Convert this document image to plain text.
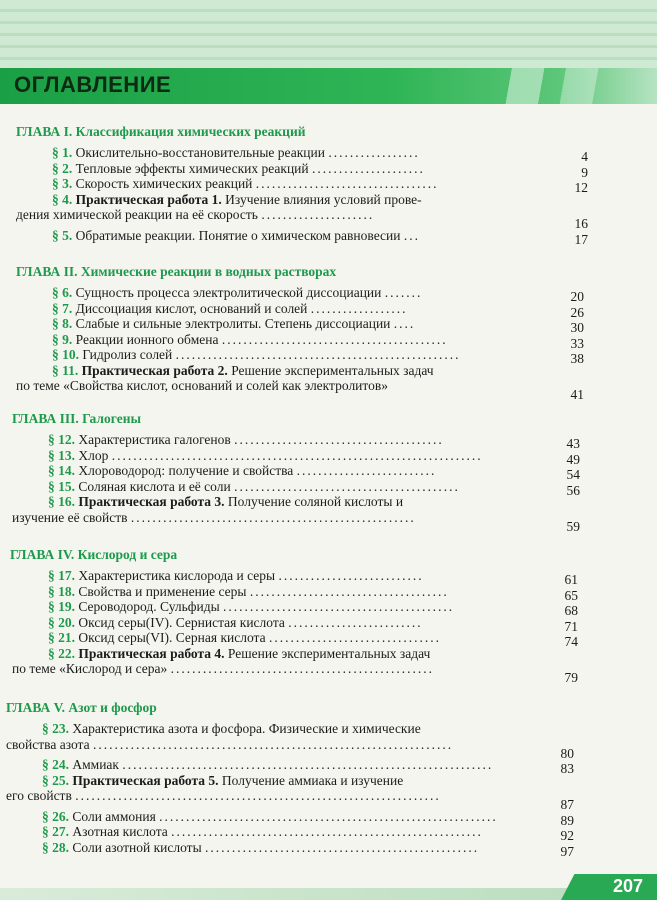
ОГЛАВЛЕНИЕ
ГЛАВА I. Классификация химических реакций
§ 1. Окислительно-восстановительные реакции .................	4
§ 2. Тепловые эффекты химических реакций .....................	9
§ 3. Скорость химических реакций ..................................	12
§ 4. Практическая работа 1. Изучение влияния условий прове-
дения химической реакции на её скорость .....................
16
§ 5. Обратимые реакции. Понятие о химическом равновесии ...	17
ГЛАВА II. Химические реакции в водных растворах
§ 6. Сущность процесса электролитической диссоциации .......	20
§ 7. Диссоциация кислот, оснований и солей ..................	26
§ 8. Слабые и сильные электролиты. Степень диссоциации ....	30
§ 9. Реакции ионного обмена ..........................................	33
§ 10. Гидролиз солей .....................................................	38
§ 11. Практическая работа 2. Решение экспериментальных задач
по теме «Свойства кислот, оснований и солей как электролитов»
41
ГЛАВА III. Галогены
§ 12. Характеристика галогенов .......................................	43
§ 13. Хлор .....................................................................	49
§ 14. Хлороводород: получение и свойства ..........................	54
§ 15. Соляная кислота и её соли ..........................................	56
§ 16. Практическая работа 3. Получение соляной кислоты и
изучение её свойств .....................................................
59
ГЛАВА IV. Кислород и сера
§ 17. Характеристика кислорода и серы ...........................	61
§ 18. Свойства и применение серы .....................................	65
§ 19. Сероводород. Сульфиды ...........................................	68
§ 20. Оксид серы(IV). Сернистая кислота .........................	71
§ 21. Оксид серы(VI). Серная кислота ................................	74
§ 22. Практическая работа 4. Решение экспериментальных задач
по теме «Кислород и сера» .................................................
79
ГЛАВА V. Азот и фосфор
§ 23. Характеристика азота и фосфора. Физические и химические
свойства азота ...................................................................
80
§ 24. Аммиак .....................................................................	83
§ 25. Практическая работа 5. Получение аммиака и изучение
его свойств ....................................................................
87
§ 26. Соли аммония ...............................................................	89
§ 27. Азотная кислота ..........................................................	92
§ 28. Соли азотной кислоты ...................................................	97
207
